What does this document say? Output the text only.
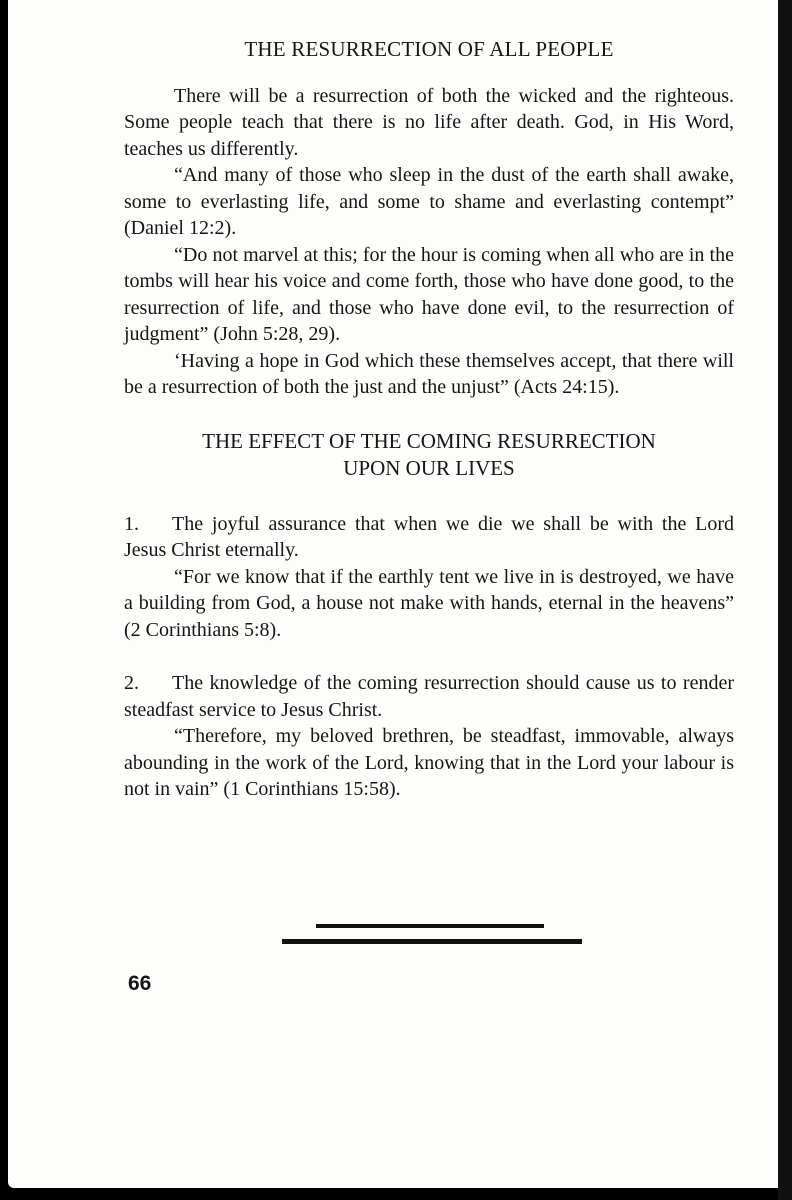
THE RESURRECTION OF ALL PEOPLE

There will be a resurrection of both the wicked and the righteous. Some people teach that there is no life after death. God, in His Word, teaches us differently.

“And many of those who sleep in the dust of the earth shall awake, some to everlasting life, and some to shame and everlasting contempt” (Daniel 12:2).

“Do not marvel at this; for the hour is coming when all who are in the tombs will hear his voice and come forth, those who have done good, to the resurrection of life, and those who have done evil, to the resurrection of judgment” (John 5:28, 29).

‘Having a hope in God which these themselves accept, that there will be a resurrection of both the just and the unjust” (Acts 24:15).

THE EFFECT OF THE COMING RESURRECTION
UPON OUR LIVES

1. The joyful assurance that when we die we shall be with the Lord Jesus Christ eternally.

“For we know that if the earthly tent we live in is destroyed, we have a building from God, a house not make with hands, eternal in the heavens” (2 Corinthians 5:8).

2. The knowledge of the coming resurrection should cause us to render steadfast service to Jesus Christ.

“Therefore, my beloved brethren, be steadfast, immovable, always abounding in the work of the Lord, knowing that in the Lord your labour is not in vain” (1 Corinthians 15:58).

66
